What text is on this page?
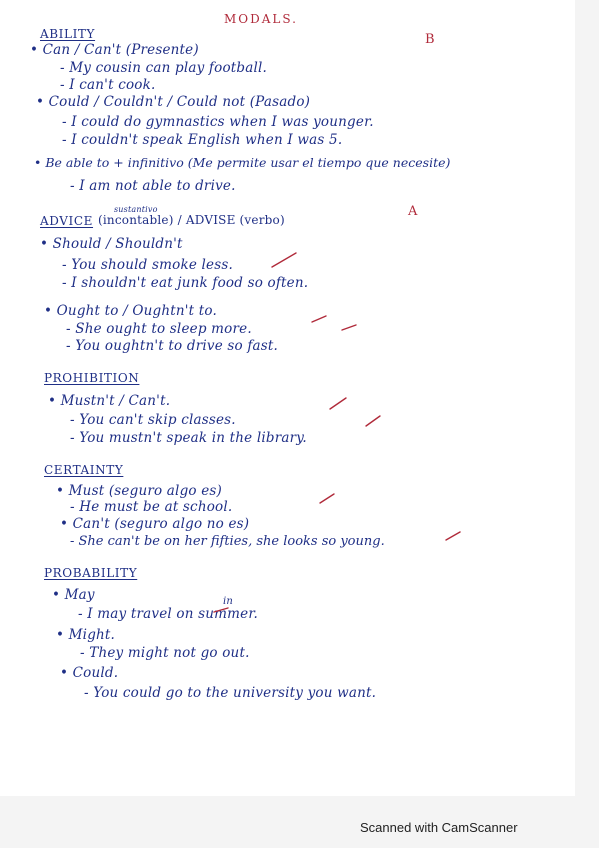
MODALS.
B
A
ABILITY
• Can / Can't (Presente)
- My cousin can play football.
- I can't cook.
• Could / Couldn't / Could not (Pasado)
- I could do gymnastics when I was younger.
- I couldn't speak English when I was 5.
• Be able to + infinitivo (Me permite usar el tiempo que necesite)
- I am not able to drive.
sustantivo
ADVICE (incontable) / ADVISE (verbo)
• Should / Shouldn't
- You should smoke less.
- I shouldn't eat junk food so often.
• Ought to / Oughtn't to.
- She ought to sleep more.
- You oughtn't to drive so fast.
PROHIBITION
• Mustn't / Can't.
- You can't skip classes.
- You mustn't speak in the library.
CERTAINTY
• Must (seguro algo es)
- He must be at school.
• Can't (seguro algo no es)
- She can't be on her fifties, she looks so young.
PROBABILITY
• May	in
- I may travel on summer.
• Might.
- They might not go out.
• Could.
- You could go to the university you want.
Scanned with CamScanner
